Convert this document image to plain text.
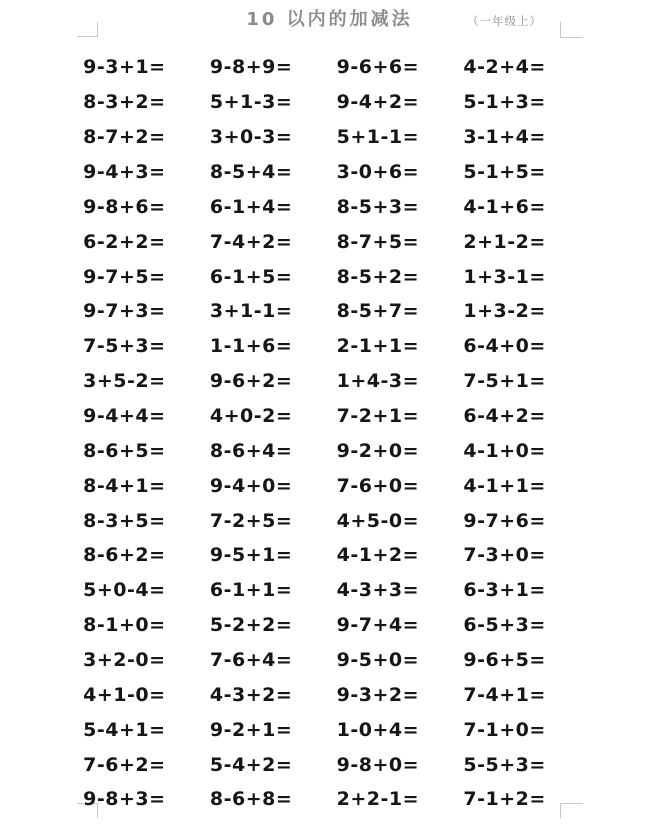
10 以内的加减法	（一年级上）
9-3+1=	9-8+9=	9-6+6=	4-2+4=
8-3+2=	5+1-3=	9-4+2=	5-1+3=
8-7+2=	3+0-3=	5+1-1=	3-1+4=
9-4+3=	8-5+4=	3-0+6=	5-1+5=
9-8+6=	6-1+4=	8-5+3=	4-1+6=
6-2+2=	7-4+2=	8-7+5=	2+1-2=
9-7+5=	6-1+5=	8-5+2=	1+3-1=
9-7+3=	3+1-1=	8-5+7=	1+3-2=
7-5+3=	1-1+6=	2-1+1=	6-4+0=
3+5-2=	9-6+2=	1+4-3=	7-5+1=
9-4+4=	4+0-2=	7-2+1=	6-4+2=
8-6+5=	8-6+4=	9-2+0=	4-1+0=
8-4+1=	9-4+0=	7-6+0=	4-1+1=
8-3+5=	7-2+5=	4+5-0=	9-7+6=
8-6+2=	9-5+1=	4-1+2=	7-3+0=
5+0-4=	6-1+1=	4-3+3=	6-3+1=
8-1+0=	5-2+2=	9-7+4=	6-5+3=
3+2-0=	7-6+4=	9-5+0=	9-6+5=
4+1-0=	4-3+2=	9-3+2=	7-4+1=
5-4+1=	9-2+1=	1-0+4=	7-1+0=
7-6+2=	5-4+2=	9-8+0=	5-5+3=
9-8+3=	8-6+8=	2+2-1=	7-1+2=
